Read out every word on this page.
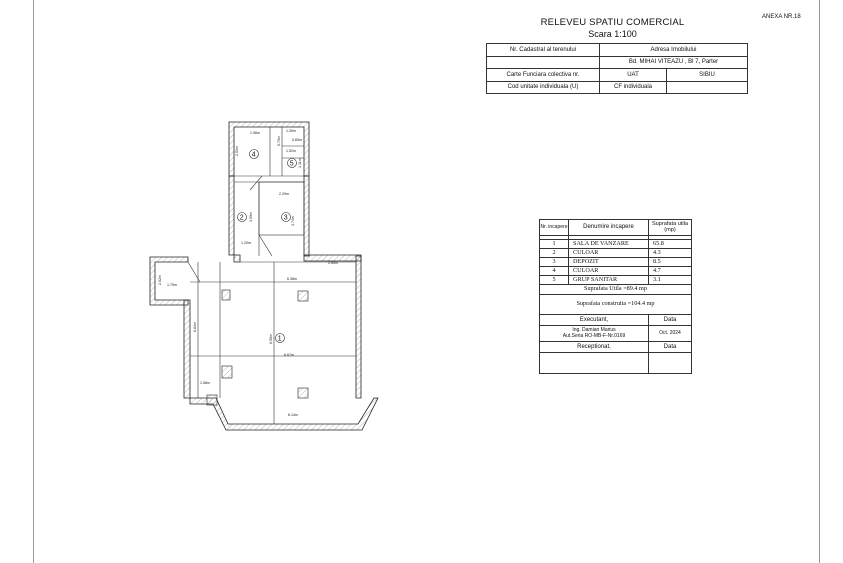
ANEXA NR.18
RELEVEU SPATIU COMERCIAL
Scara 1:100
Nr. Cadastral al terenului	Adresa Imobilului	
	Bd. MIHAI VITEAZU , Bl 7, Parter	
Carte Funciara colectiva nr.	UAT	SIBIU
Cod unitate individuala (U)	CF individuala	
Nr. incapere	Denumire incapere	Suprafata utila (mp)

1	SALA DE VANZARE	65.8
2	CULOAR	4.3
3	DEPOZIT	8.5
4	CULOAR	4.7
5	GRUP SANITAR	3.1
Suprafata Utila =89.4 mp		
Suprafata construita =104.4 mp		
Executant,		Data

Ing. Damian Marius
Aut.Seria RO-MB-F-Nr.0169		Oct. 2024
Receptionat,		Data

1.96m	1.39m
2.01m
0.65m
1.52m
1.11m
0.73m
2.29m
3.74m
3.09m
1.20m
2.02m 1.79m
6.38m
2.65m
6.84m
6.56m
6.67m
1.58m
6.14m
1
2	3
4
5
